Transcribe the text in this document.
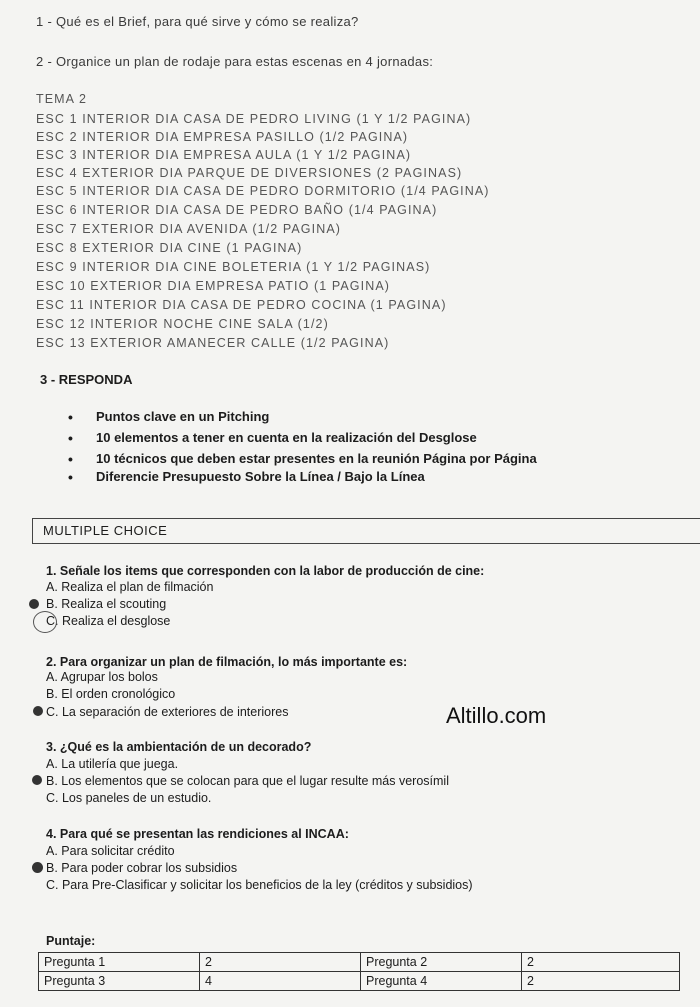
1 - Qué es el Brief, para qué sirve y cómo se realiza?
2 - Organice un plan de rodaje para estas escenas en 4 jornadas:
TEMA 2
ESC 1 INTERIOR DIA CASA DE PEDRO LIVING (1 Y 1/2 PAGINA)
ESC 2 INTERIOR DIA EMPRESA PASILLO (1/2 PAGINA)
ESC 3 INTERIOR DIA EMPRESA AULA (1 Y 1/2 PAGINA)
ESC 4 EXTERIOR DIA PARQUE DE DIVERSIONES (2 PAGINAS)
ESC 5 INTERIOR DIA CASA DE PEDRO DORMITORIO (1/4 PAGINA)
ESC 6 INTERIOR DIA CASA DE PEDRO BAÑO (1/4 PAGINA)
ESC 7 EXTERIOR DIA AVENIDA (1/2 PAGINA)
ESC 8 EXTERIOR DIA CINE (1 PAGINA)
ESC 9 INTERIOR DIA CINE BOLETERIA (1 Y 1/2 PAGINAS)
ESC 10 EXTERIOR DIA EMPRESA PATIO (1 PAGINA)
ESC 11 INTERIOR DIA CASA DE PEDRO COCINA (1 PAGINA)
ESC 12 INTERIOR NOCHE CINE SALA (1/2)
ESC 13 EXTERIOR AMANECER CALLE (1/2 PAGINA)
3 - RESPONDA
• Puntos clave en un Pitching
• 10 elementos a tener en cuenta en la realización del Desglose
• 10 técnicos que deben estar presentes en la reunión Página por Página
• Diferencie Presupuesto Sobre la Línea / Bajo la Línea
MULTIPLE CHOICE
1. Señale los items que corresponden con la labor de producción de cine:
A. Realiza el plan de filmación
B. Realiza el scouting
C. Realiza el desglose
2. Para organizar un plan de filmación, lo más importante es:
A. Agrupar los bolos
B. El orden cronológico
C. La separación de exteriores de interiores	Altillo.com
3. ¿Qué es la ambientación de un decorado?
A. La utilería que juega.
B. Los elementos que se colocan para que el lugar resulte más verosímil
C. Los paneles de un estudio.
4. Para qué se presentan las rendiciones al INCAA:
A. Para solicitar crédito
B. Para poder cobrar los subsidios
C. Para Pre-Clasificar y solicitar los beneficios de la ley (créditos y subsidios)
Puntaje:
Pregunta 1	2	Pregunta 2	2
Pregunta 3	4	Pregunta 4	2
